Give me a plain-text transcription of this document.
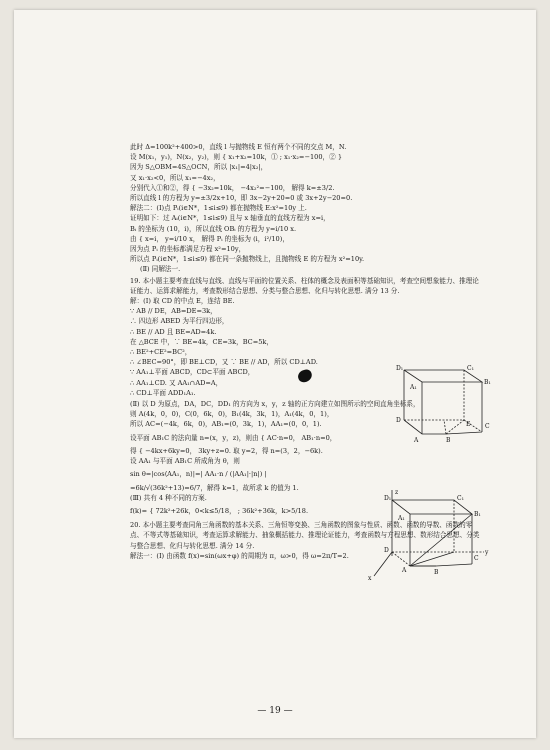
此时 Δ=100k²+400>0，直线 l 与抛物线 E 恒有两个不同的交点 M，N.
设 M(x₁，y₁)，N(x₂，y₂)，则 { x₁+x₂=10k，① ; x₁·x₂=−100，② }
因为 S△OBM=4S△OCN，所以 |x₁|=4|x₂|，
又 x₁·x₂<0，所以 x₁=−4x₂，
分别代入①和②，得 { −3x₂=10k， −4x₂²=−100， 解得 k=±3/2.
所以直线 l 的方程为 y=±3/2x+10，即 3x−2y+20=0 或 3x+2y−20=0.
解法二：(Ⅰ)点 Pᵢ(i∈N*，1≤i≤9) 都在抛物线 E:x²=10y 上.
证明如下：过 Aᵢ(i∈N*，1≤i≤9) 且与 x 轴垂直的直线方程为 x=i，
Bᵢ 的坐标为 (10，i)，所以直线 OBᵢ 的方程为 y=i/10 x.
由 { x=i， y=i/10 x， 解得 Pᵢ 的坐标为 (i，i²/10)，
因为点 Pᵢ 的坐标都满足方程 x²=10y，
所以点 Pᵢ(i∈N*，1≤i≤9) 都在同一条抛物线上，且抛物线 E 的方程为 x²=10y.
(Ⅱ) 同解法一.
19. 本小题主要考查直线与直线、直线与平面的位置关系、柱体的概念及表面积等基础知识，考查空间想象能力、推理论证能力、运算求解能力，考查数形结合思想、分类与整合思想、化归与转化思想. 满分 13 分.
解：(Ⅰ) 取 CD 的中点 E，连结 BE.
∵ AB // DE，AB=DE=3k，
∴ 四边形 ABED 为平行四边形，
∴ BE // AD 且 BE=AD=4k.
在 △BCE 中，∵ BE=4k，CE=3k，BC=5k，
∴ BE²+CE²=BC²，
∴ ∠BEC=90°，即 BE⊥CD，又 ∵ BE // AD，所以 CD⊥AD.
∵ AA₁⊥平面 ABCD，CD⊂平面 ABCD，
∴ AA₁⊥CD. 又 AA₁∩AD=A，
∴ CD⊥平面 ADD₁A₁.
(Ⅱ) 以 D 为原点，DA，DC，DD₁ 的方向为 x，y，z 轴的正方向建立如图所示的空间直角坐标系，
则 A(4k，0，0)，C(0，6k，0)，B₁(4k，3k，1)，A₁(4k，0，1)，
所以 AC=(−4k，6k，0)，AB₁=(0，3k，1)，AA₁=(0，0，1).
设平面 AB₁C 的法向量 n=(x，y，z)，则由 { AC·n=0， AB₁·n=0，
得 { −4kx+6ky=0， 3ky+z=0. 取 y=2，得 n=(3，2，−6k).
设 AA₁ 与平面 AB₁C 所成角为 θ，则
sin θ=|cos⟨AA₁，n⟩|=| AA₁·n / (|AA₁|·|n|) |
=6k/√(36k²+13)=6/7，解得 k=1，故所求 k 的值为 1.
(Ⅲ) 共有 4 种不同的方案.
f(k)= { 72k²+26k，0<k≤5/18， ; 36k²+36k，k>5/18.
20. 本小题主要考查同角三角函数的基本关系、三角恒等变换、三角函数的图象与性质、函数、函数的导数、函数的零点、不等式等基础知识，考查运算求解能力、抽象概括能力、推理论证能力，考查函数与方程思想、数形结合思想、分类与整合思想、化归与转化思想. 满分 14 分.
解法一：(Ⅰ) 由函数 f(x)=sin(ωx+φ) 的周期为 π，ω>0，得 ω=2π/T=2.
D₁	C₁
A₁
B₁
D
C
A	B
E
z
D₁	C₁
A₁
B₁
D
C
y
A	B
x
— 19 —
